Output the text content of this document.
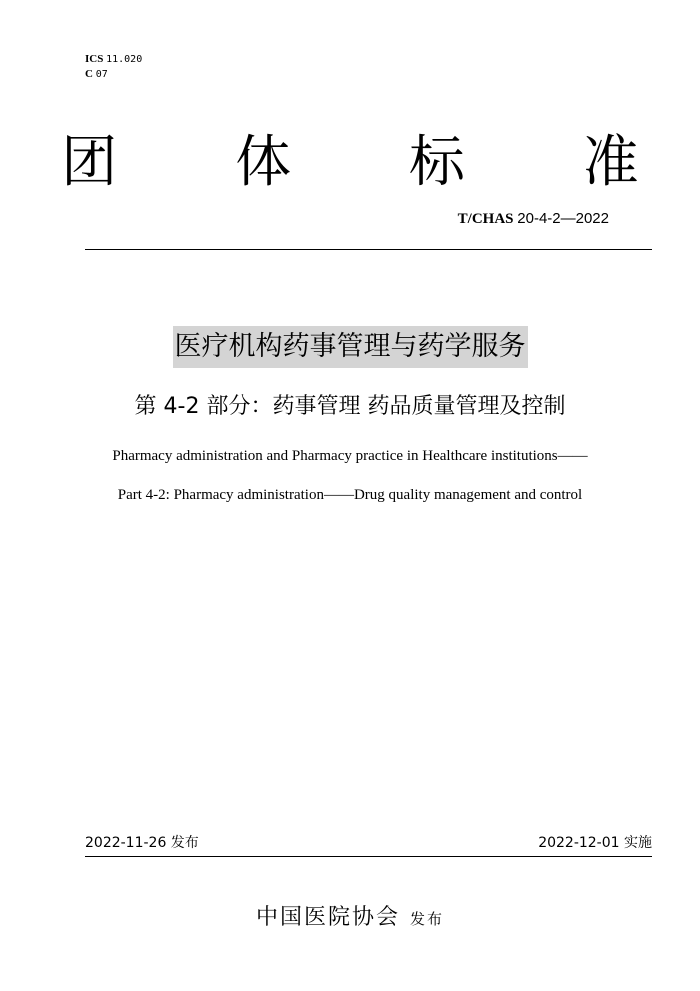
ICS 11.020
C 07
团 体 标 准
T/CHAS 20-4-2—2022
医疗机构药事管理与药学服务
第 4-2 部分：药事管理 药品质量管理及控制
Pharmacy administration and Pharmacy practice in Healthcare institutions——
Part 4-2: Pharmacy administration——Drug quality management and control
2022-11-26 发布	2022-12-01 实施
中国医院协会 发布
